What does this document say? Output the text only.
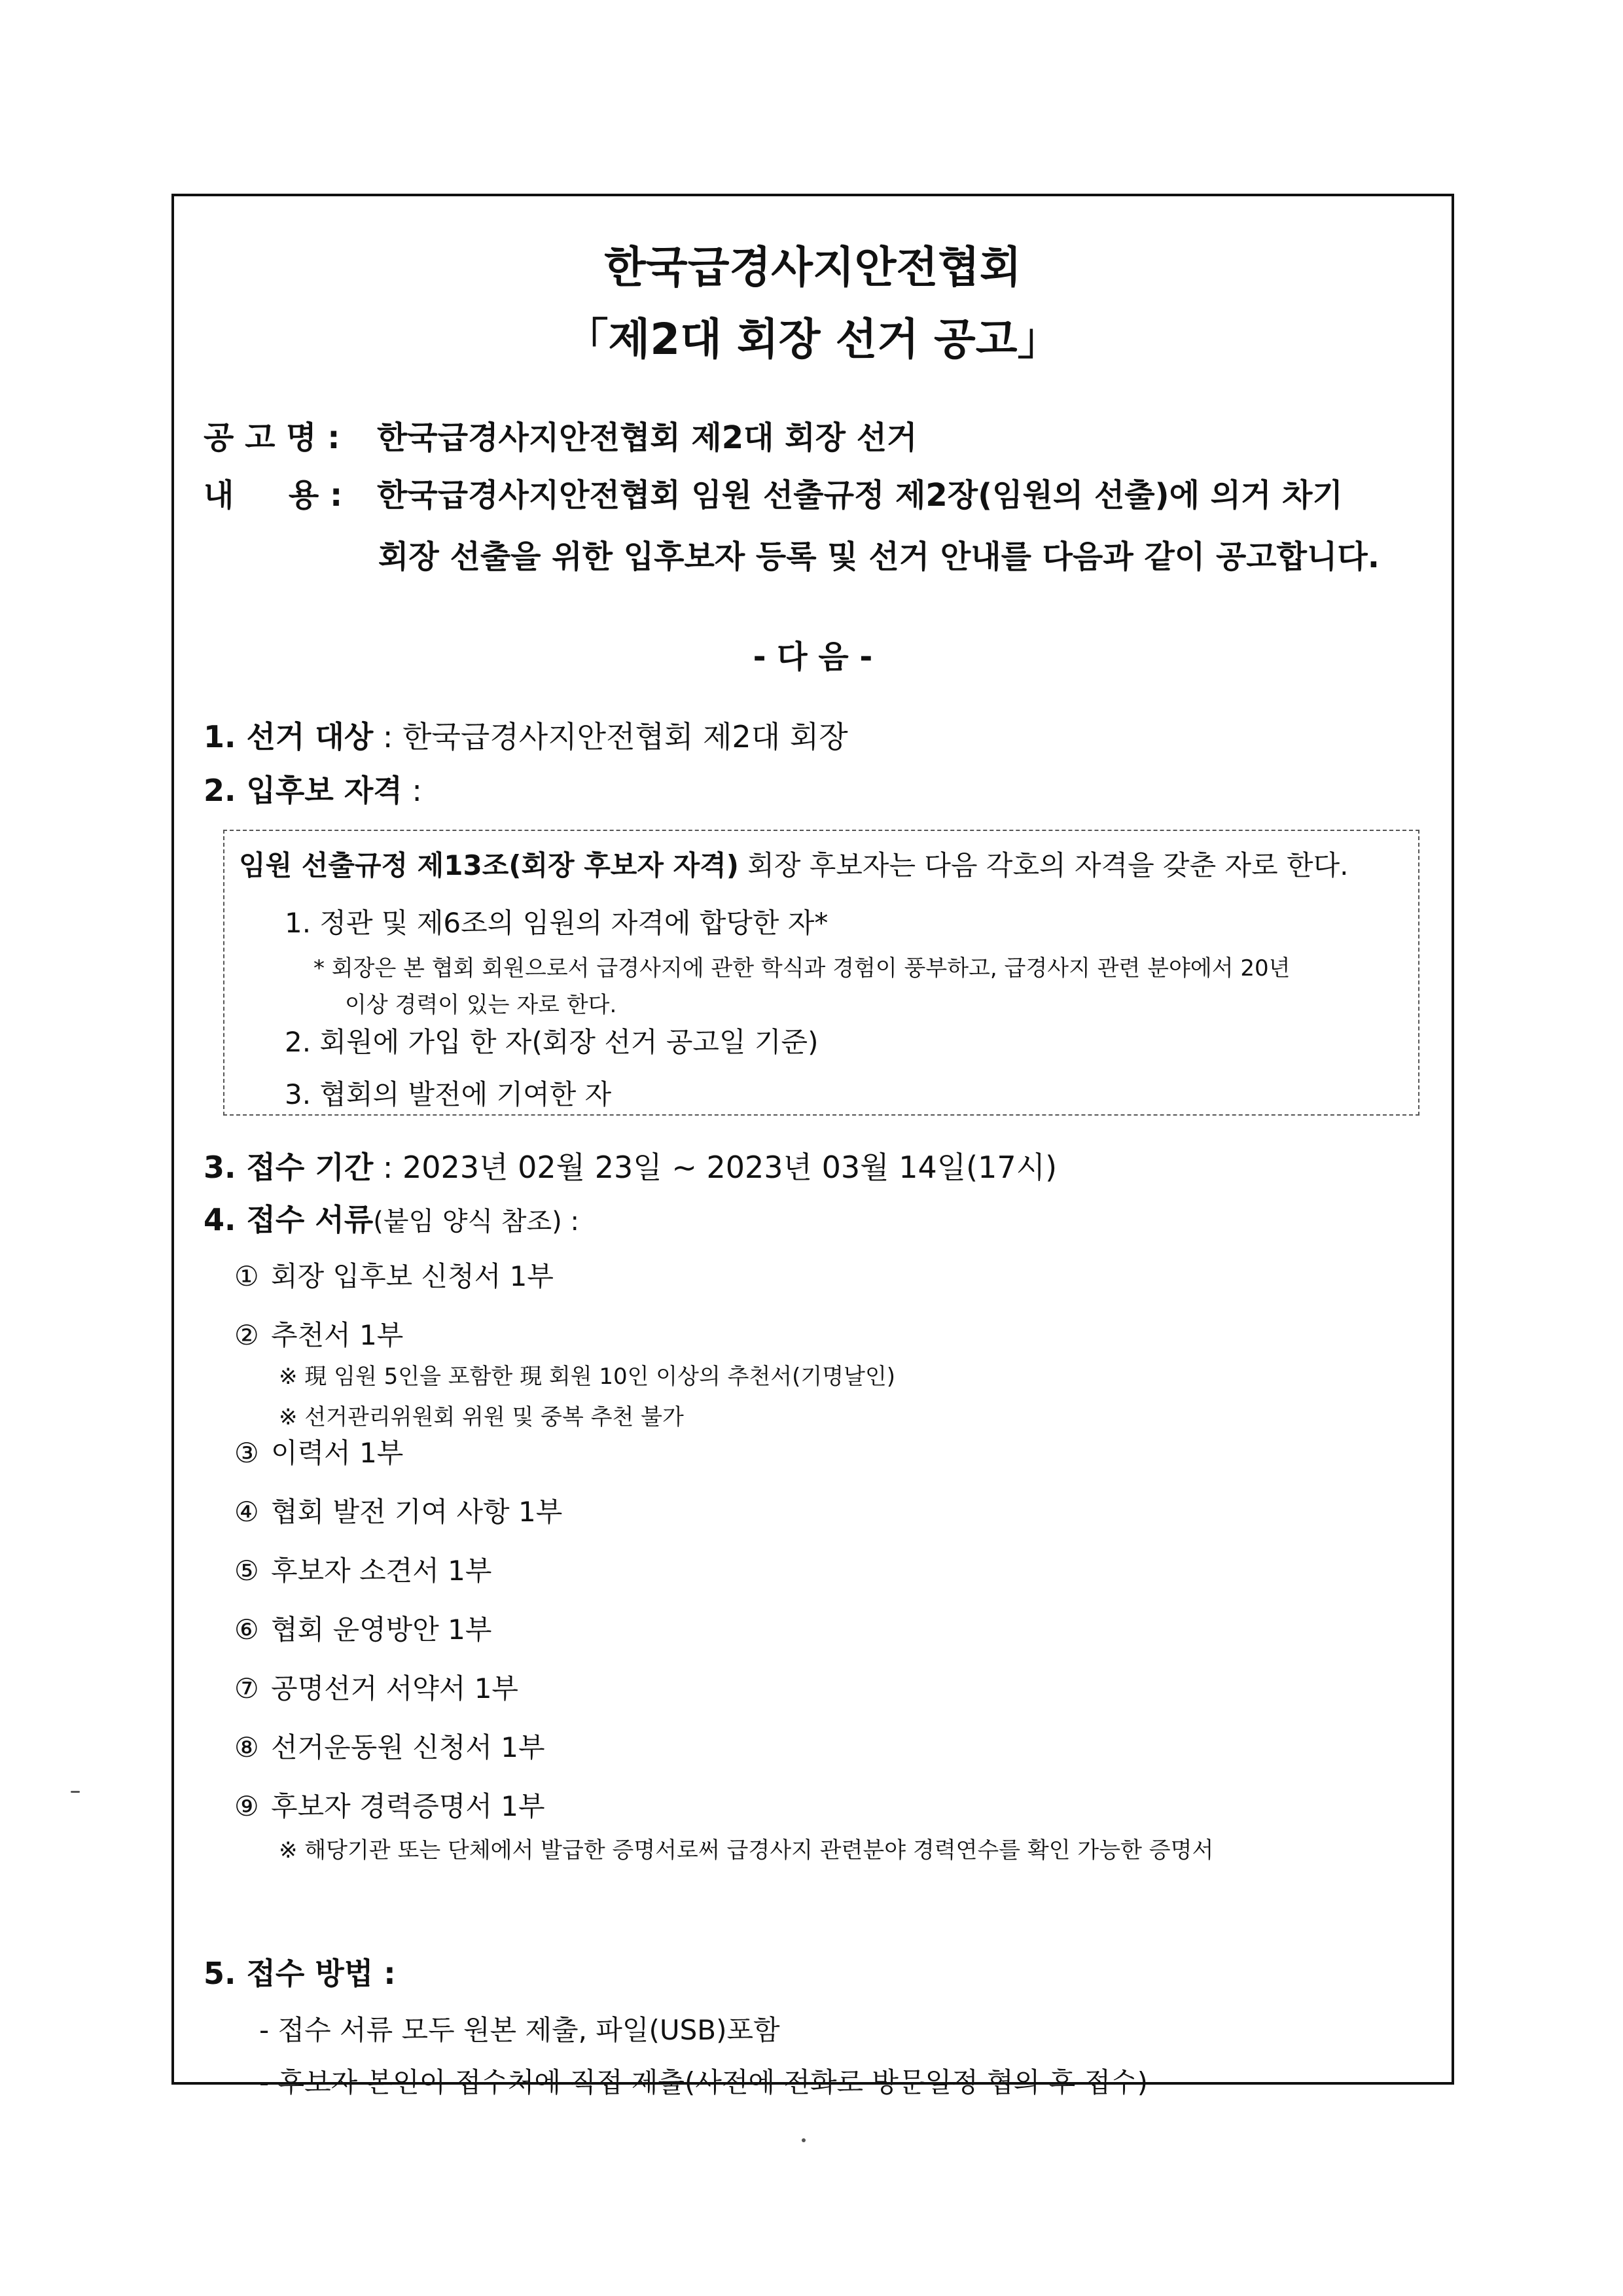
한국급경사지안전협회
「제2대 회장 선거 공고」
공 고 명 : 한국급경사지안전협회 제2대 회장 선거
내     용 : 한국급경사지안전협회 임원 선출규정 제2장(임원의 선출)에 의거 차기
회장 선출을 위한 입후보자 등록 및 선거 안내를 다음과 같이 공고합니다.
- 다 음 -
1. 선거 대상 : 한국급경사지안전협회 제2대 회장
2. 입후보 자격 :
임원 선출규정 제13조(회장 후보자 자격) 회장 후보자는 다음 각호의 자격을 갖춘 자로 한다.
1. 정관 및 제6조의 임원의 자격에 합당한 자*
* 회장은 본 협회 회원으로서 급경사지에 관한 학식과 경험이 풍부하고, 급경사지 관련 분야에서 20년
이상 경력이 있는 자로 한다.
2. 회원에 가입 한 자(회장 선거 공고일 기준)
3. 협회의 발전에 기여한 자
3. 접수 기간 : 2023년 02월 23일 ~ 2023년 03월 14일(17시)
4. 접수 서류(붙임 양식 참조) :
① 회장 입후보 신청서 1부
② 추천서 1부
※ 現 임원 5인을 포함한 現 회원 10인 이상의 추천서(기명날인)
※ 선거관리위원회 위원 및 중복 추천 불가
③ 이력서 1부
④ 협회 발전 기여 사항 1부
⑤ 후보자 소견서 1부
⑥ 협회 운영방안 1부
⑦ 공명선거 서약서 1부
⑧ 선거운동원 신청서 1부
⑨ 후보자 경력증명서 1부
※ 해당기관 또는 단체에서 발급한 증명서로써 급경사지 관련분야 경력연수를 확인 가능한 증명서
5. 접수 방법 :
- 접수 서류 모두 원본 제출, 파일(USB)포함
- 후보자 본인이 접수처에 직접 제출(사전에 전화로 방문일정 협의 후 접수)
